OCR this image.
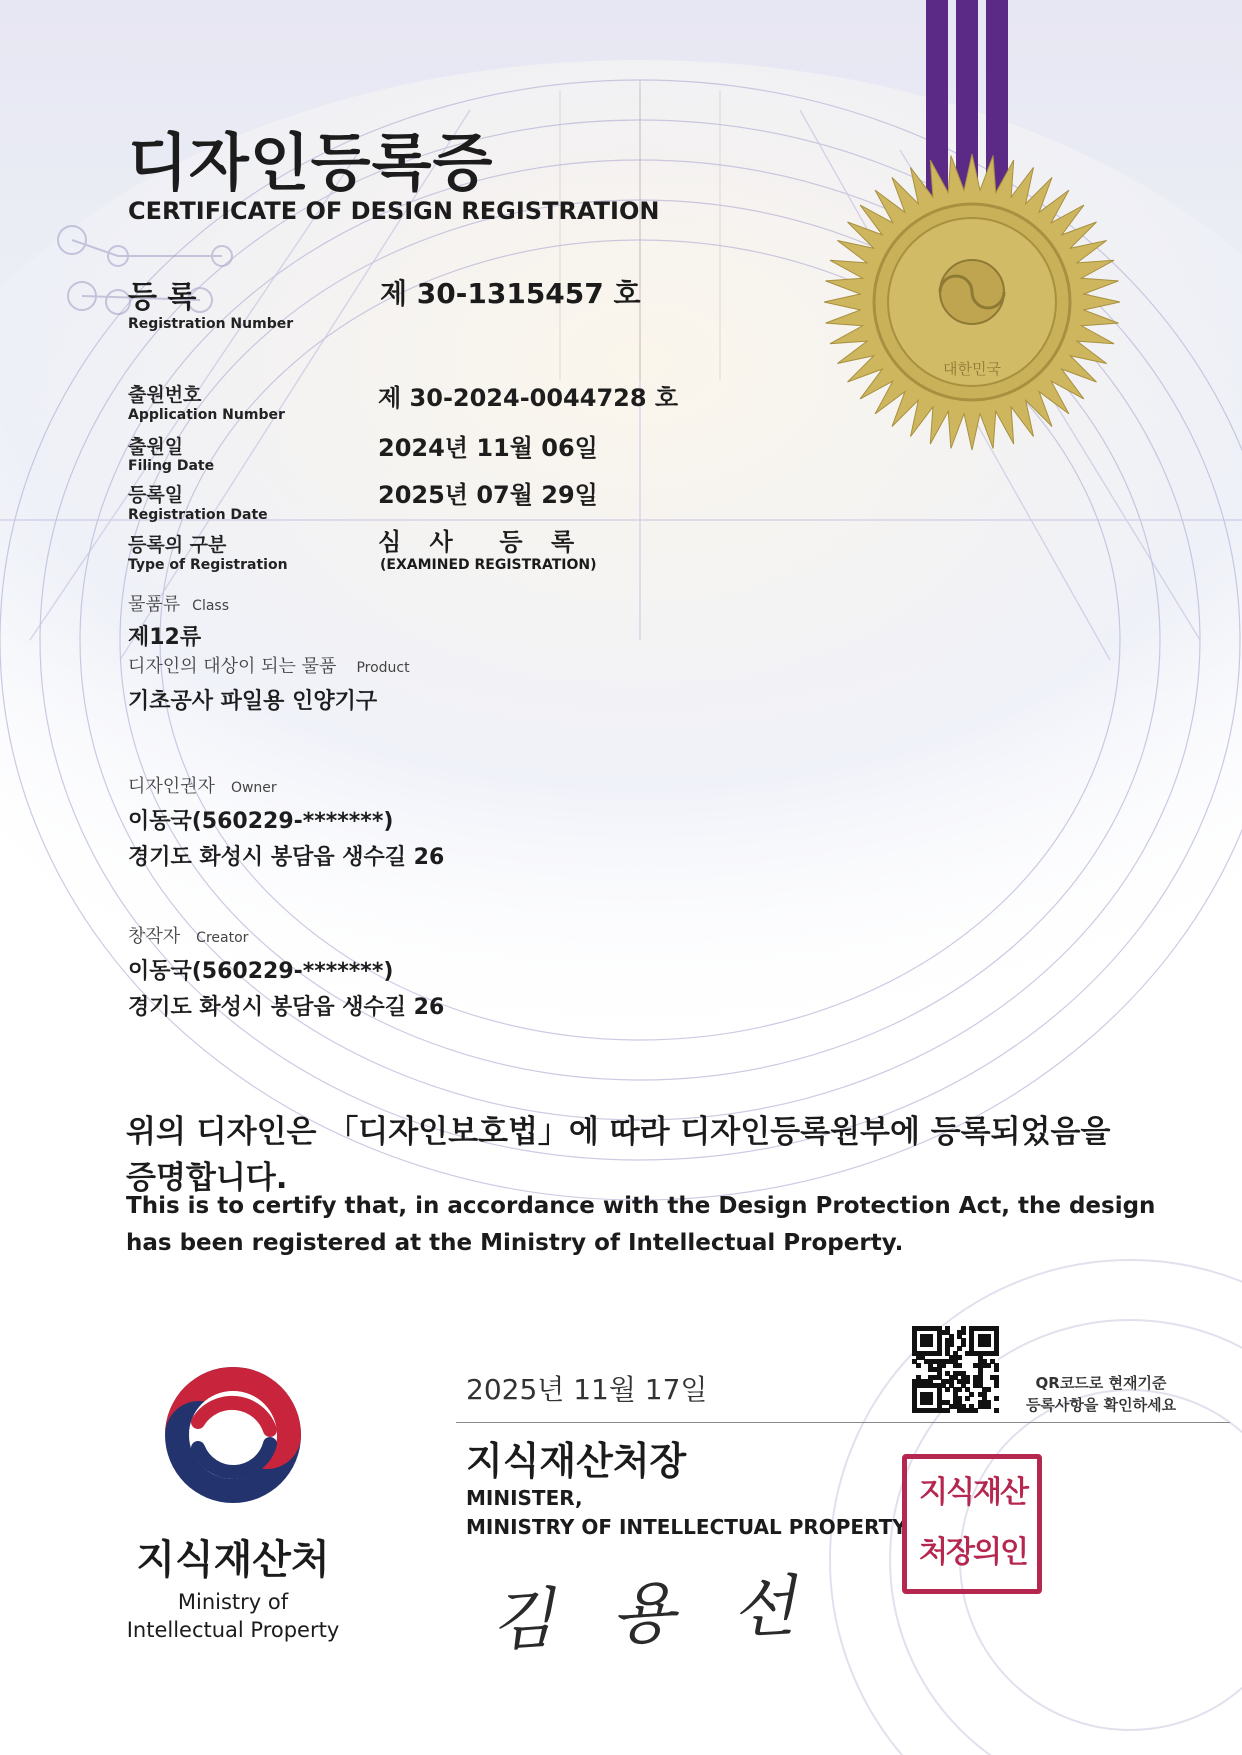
대한민국
디자인등록증
CERTIFICATE OF DESIGN REGISTRATION
등 록
Registration Number
제 30-1315457 호
출원번호
Application Number
제 30-2024-0044728 호
출원일
Filing Date
2024년 11월 06일
등록일
Registration Date
2025년 07월 29일
등록의 구분
Type of Registration
심 사  등 록
(EXAMINED REGISTRATION)
물품류 Class
제12류
디자인의 대상이 되는 물품 Product
기초공사 파일용 인양기구
디자인권자 Owner
이동국(560229-*******)
경기도 화성시 봉담읍 생수길 26
창작자 Creator
이동국(560229-*******)
경기도 화성시 봉담읍 생수길 26
위의 디자인은 「디자인보호법」에 따라 디자인등록원부에 등록되었음을
증명합니다.
This is to certify that, in accordance with the Design Protection Act, the design
has been registered at the Ministry of Intellectual Property.
지식재산처
Ministry of
Intellectual Property
2025년 11월 17일	QR코드로 현재기준
등록사항을 확인하세요
지식재산처장
MINISTER,
MINISTRY OF INTELLECTUAL PROPERTY
지식재산
처장의인
김 용 선
